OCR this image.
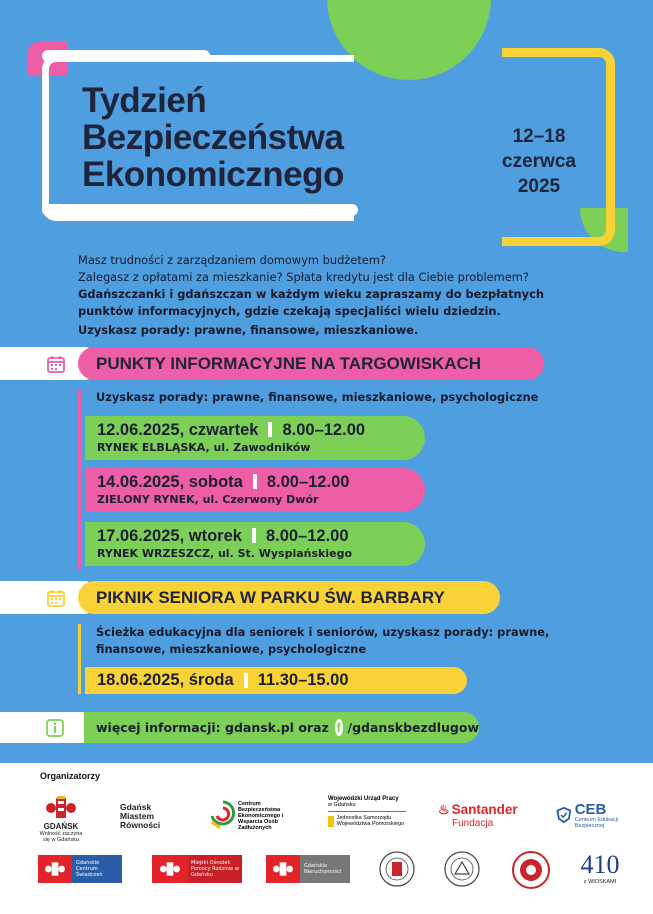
Tydzień
Bezpieczeństwa
Ekonomicznego
12–18
czerwca
2025

Masz trudności z zarządzaniem domowym budżetem?

Zalegasz z opłatami za mieszkanie? Spłata kredytu jest dla Ciebie problemem?

Gdańszczanki i gdańszczan w każdym wieku zapraszamy do bezpłatnych

punktów informacyjnych, gdzie czekają specjaliści wielu dziedzin.

Uzyskasz porady: prawne, finansowe, mieszkaniowe.

PUNKTY INFORMACYJNE NA TARGOWISKACH
Uzyskasz porady: prawne, finansowe, mieszkaniowe, psychologiczne
12.06.2025, czwartek 8.00–12.00
RYNEK ELBLĄSKA, ul. Zawodników
14.06.2025, sobota 8.00–12.00
ZIELONY RYNEK, ul. Czerwony Dwór
17.06.2025, wtorek 8.00–12.00
RYNEK WRZESZCZ, ul. St. Wyspiańskiego
PIKNIK SENIORA W PARKU ŚW. BARBARY
Ścieżka edukacyjna dla seniorek i seniorów, uzyskasz porady: prawne,
finansowe, mieszkaniowe, psychologiczne
18.06.2025, środa 11.30–15.00
więcej informacji: gdansk.pl oraz f /gdanskbezdlugow
Organizatorzy
GDAŃSK
Wolność zaczyna się w Gdańsku
Gdańsk
Miastem
Równości
Centrum Bezpieczeństwa Ekonomicznego i Wsparcia Osób Zadłużonych
Wojewódzki Urząd Pracy
w Gdańsku
Jednostka Samorządu Województwa Pomorskiego
♨ Santander
Fundacja
CEB
Centrum Edukacji Bezpiecznej
Gdańskie Centrum Świadczeń
Miejski Ośrodek Pomocy Rodzinie w Gdańsku
Gdańskie Nieruchomości	410
z WIOSKAMI
